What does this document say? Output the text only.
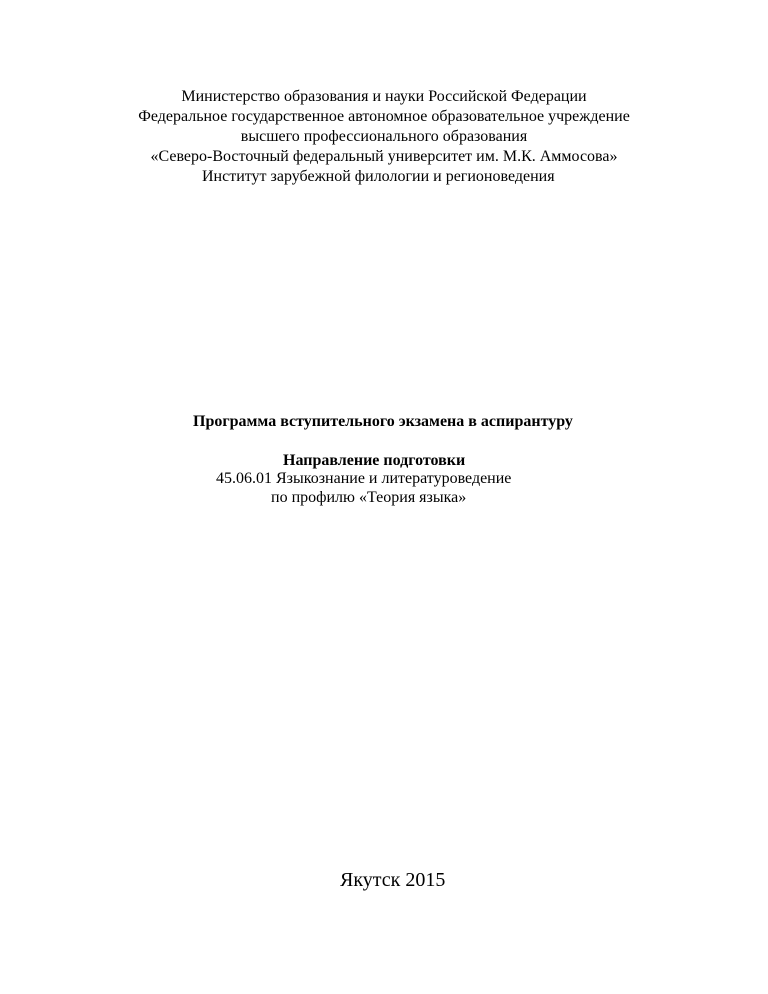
Министерство образования и науки Российской Федерации
Федеральное государственное автономное образовательное учреждение
высшего профессионального образования
«Северо-Восточный федеральный университет им. М.К. Аммосова»
Институт зарубежной филологии и регионоведения
Программа вступительного экзамена в аспирантуру
Направление подготовки
45.06.01 Языкознание и литературоведение
по профилю «Теория языка»
Якутск 2015
